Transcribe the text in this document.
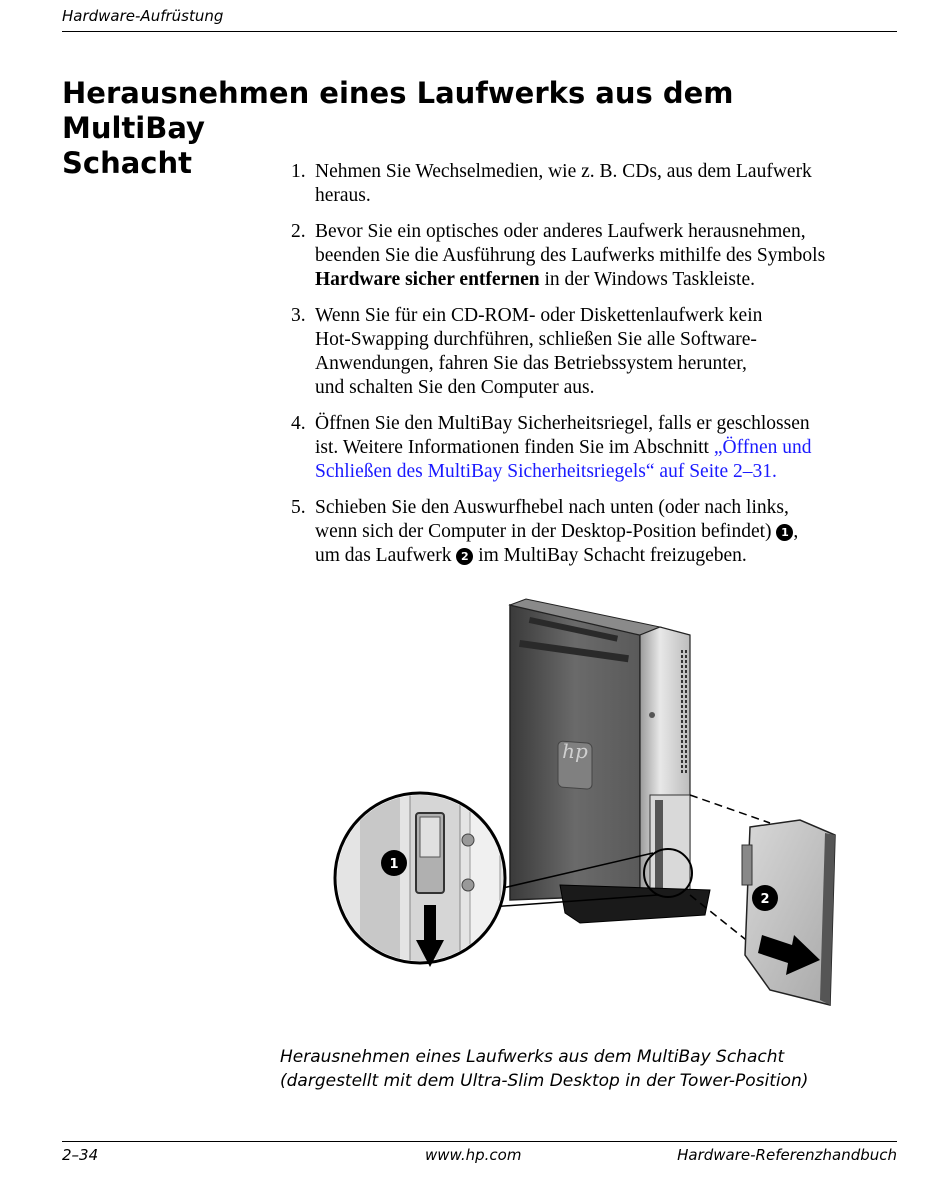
Hardware-Aufrüstung
Herausnehmen eines Laufwerks aus dem MultiBay
Schacht	1. Nehmen Sie Wechselmedien, wie z. B. CDs, aus dem Laufwerk
heraus.
2. Bevor Sie ein optisches oder anderes Laufwerk herausnehmen,
beenden Sie die Ausführung des Laufwerks mithilfe des Symbols
Hardware sicher entfernen in der Windows Taskleiste.
3. Wenn Sie für ein CD-ROM- oder Diskettenlaufwerk kein
Hot-Swapping durchführen, schließen Sie alle Software-
Anwendungen, fahren Sie das Betriebssystem herunter,
und schalten Sie den Computer aus.
4. Öffnen Sie den MultiBay Sicherheitsriegel, falls er geschlossen
ist. Weitere Informationen finden Sie im Abschnitt „Öffnen und
Schließen des MultiBay Sicherheitsriegels“ auf Seite 2–31.
5. Schieben Sie den Auswurfhebel nach unten (oder nach links,
wenn sich der Computer in der Desktop-Position befindet) 1 ,
um das Laufwerk 2 im MultiBay Schacht freizugeben.
hp
1
2
Herausnehmen eines Laufwerks aus dem MultiBay Schacht
(dargestellt mit dem Ultra-Slim Desktop in der Tower-Position)
2–34	www.hp.com	Hardware-Referenzhandbuch
